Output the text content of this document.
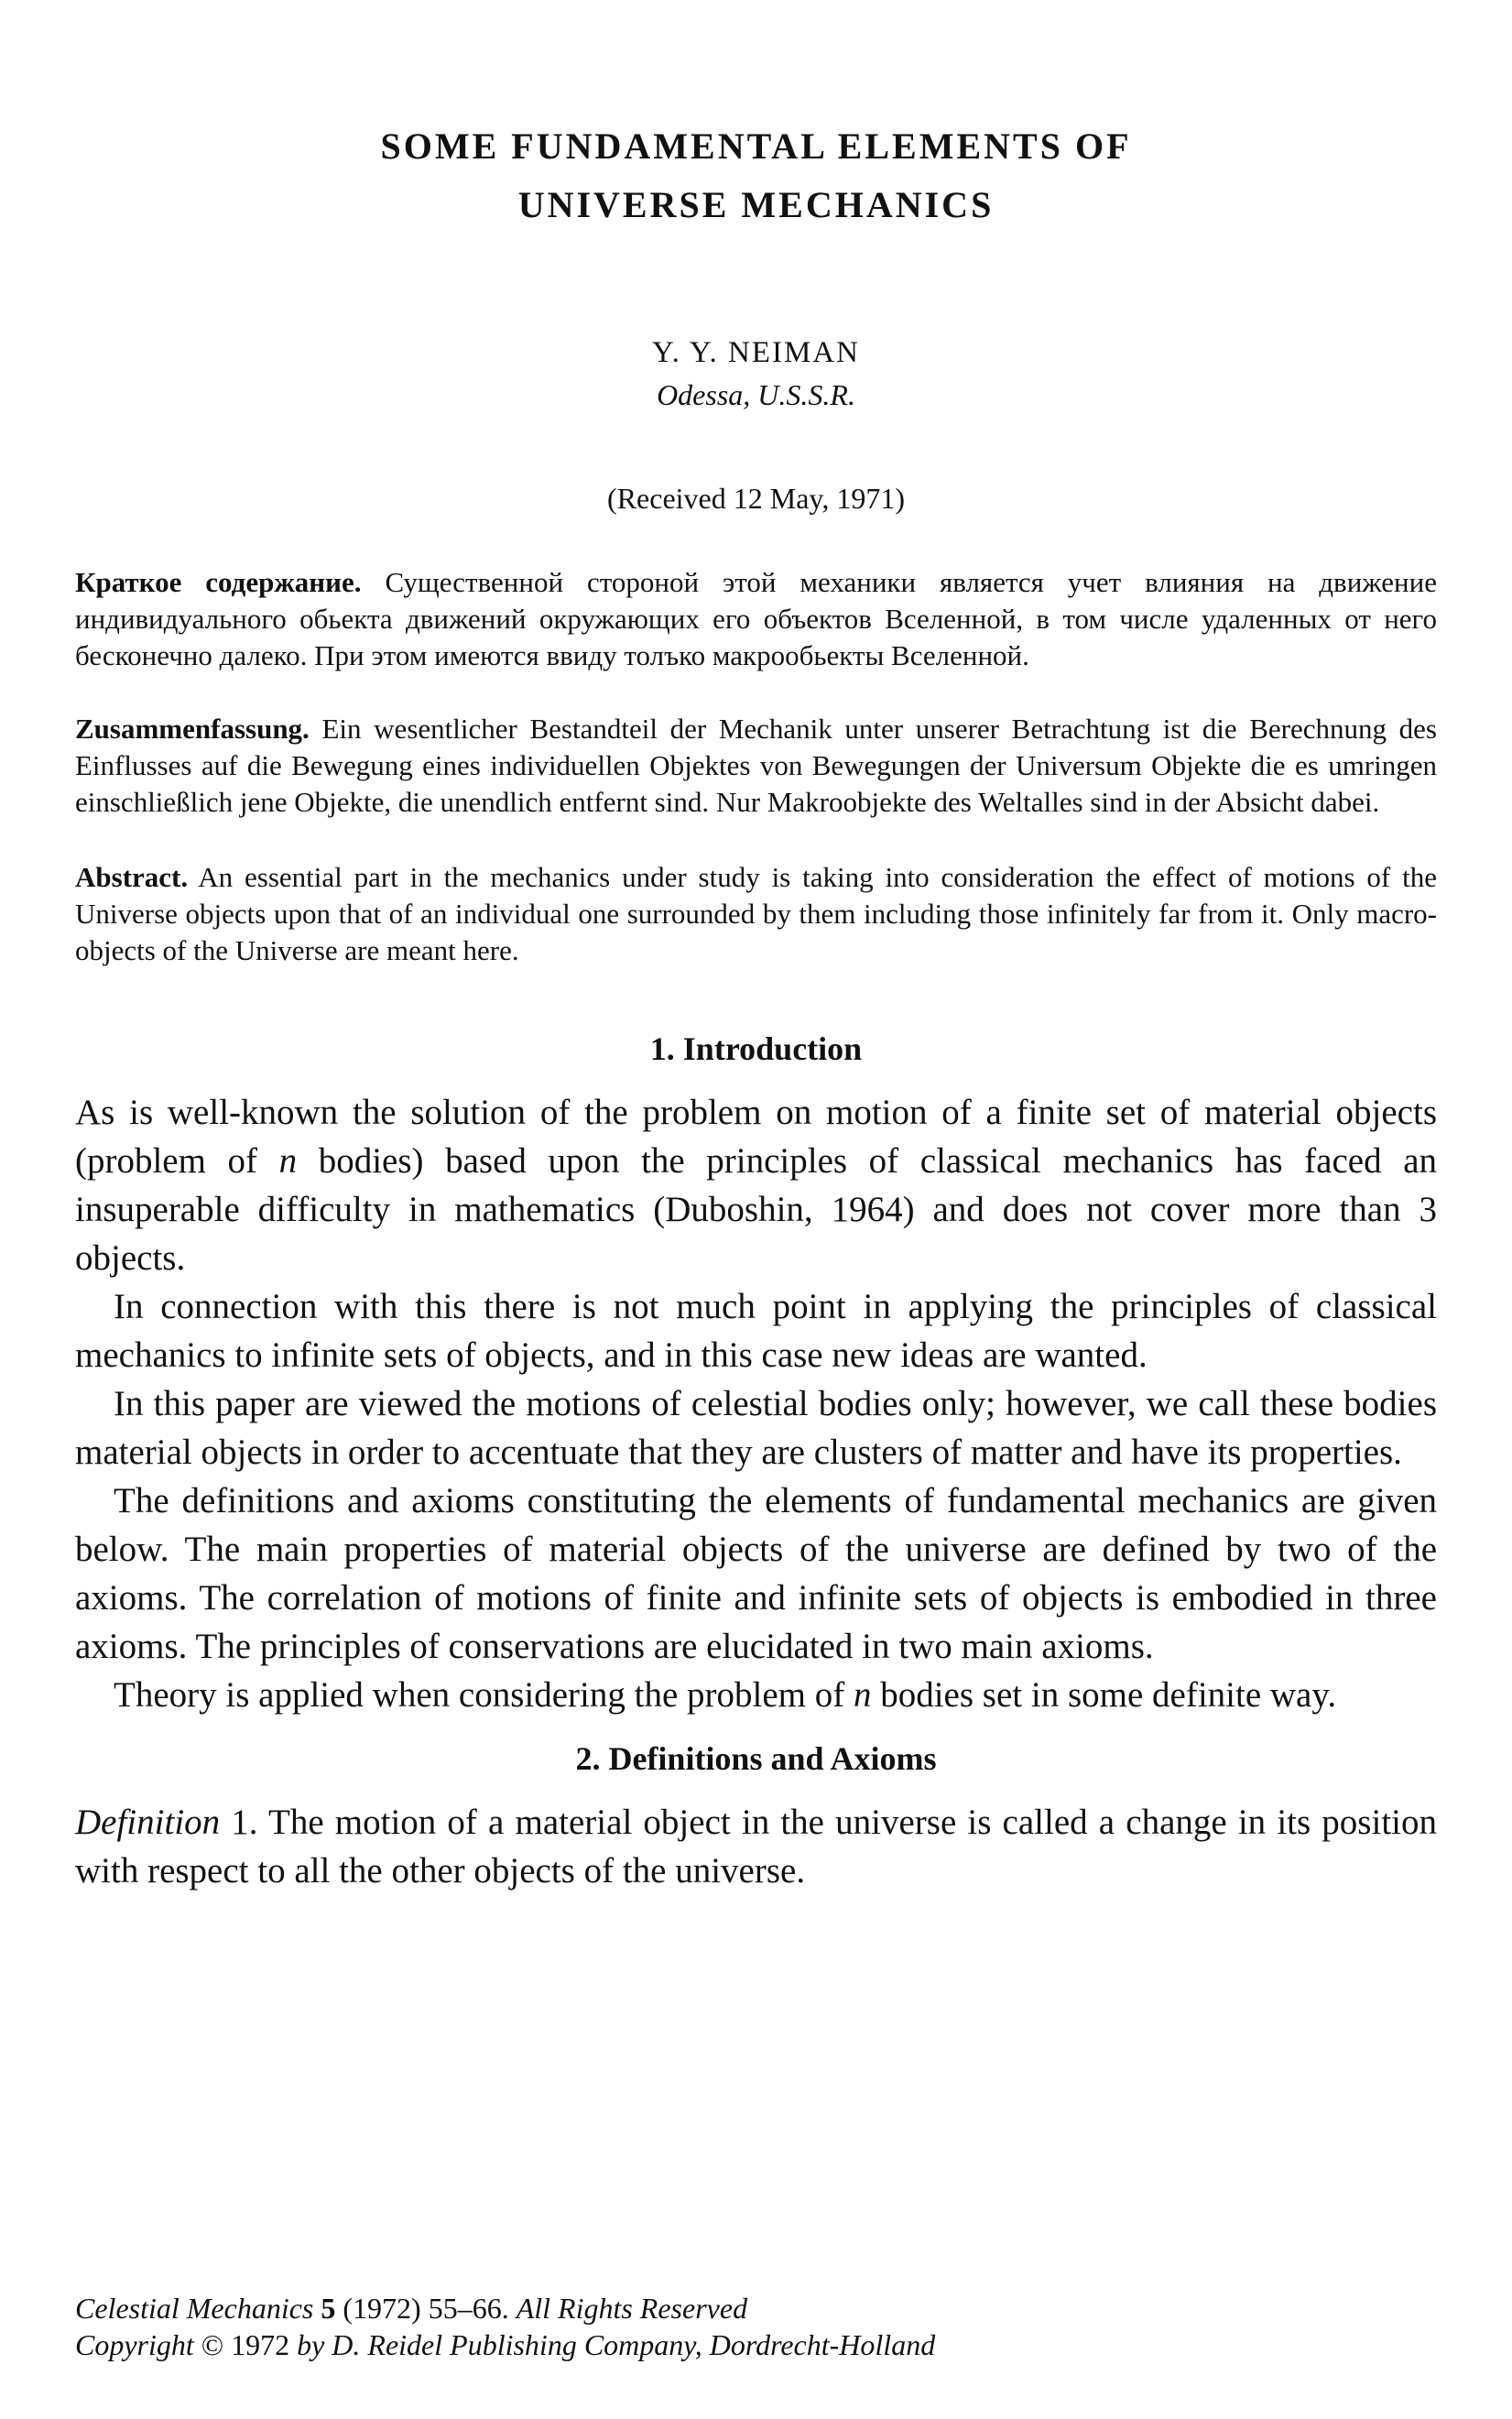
SOME FUNDAMENTAL ELEMENTS OF
UNIVERSE MECHANICS
Y. Y. NEIMAN
Odessa, U.S.S.R.
(Received 12 May, 1971)

Краткое содержание. Существенной стороной этой механики является учет влияния на движение индивидуального обьекта движений окружающих его объектов Вселенной, в том числе удаленных от него бесконечно далеко. При этом имеются ввиду толъко макрообьекты Вселенной.

Zusammenfassung. Ein wesentlicher Bestandteil der Mechanik unter unserer Betrachtung ist die Berechnung des Einflusses auf die Bewegung eines individuellen Objektes von Bewegungen der Universum Objekte die es umringen einschließlich jene Objekte, die unendlich entfernt sind. Nur Makroobjekte des Weltalles sind in der Absicht dabei.

Abstract. An essential part in the mechanics under study is taking into consideration the effect of motions of the Universe objects upon that of an individual one surrounded by them including those infinitely far from it. Only macro-objects of the Universe are meant here.

1. Introduction

As is well-known the solution of the problem on motion of a finite set of material objects (problem of n bodies) based upon the principles of classical mechanics has faced an insuperable difficulty in mathematics (Duboshin, 1964) and does not cover more than 3 objects.

In connection with this there is not much point in applying the principles of classical mechanics to infinite sets of objects, and in this case new ideas are wanted.

In this paper are viewed the motions of celestial bodies only; however, we call these bodies material objects in order to accentuate that they are clusters of matter and have its properties.

The definitions and axioms constituting the elements of fundamental mechanics are given below. The main properties of material objects of the universe are defined by two of the axioms. The correlation of motions of finite and infinite sets of objects is embodied in three axioms. The principles of conservations are elucidated in two main axioms.

Theory is applied when considering the problem of n bodies set in some definite way.

2. Definitions and Axioms

Definition 1. The motion of a material object in the universe is called a change in its position with respect to all the other objects of the universe.

Celestial Mechanics 5 (1972) 55–66. All Rights Reserved
Copyright © 1972 by D. Reidel Publishing Company, Dordrecht-Holland
